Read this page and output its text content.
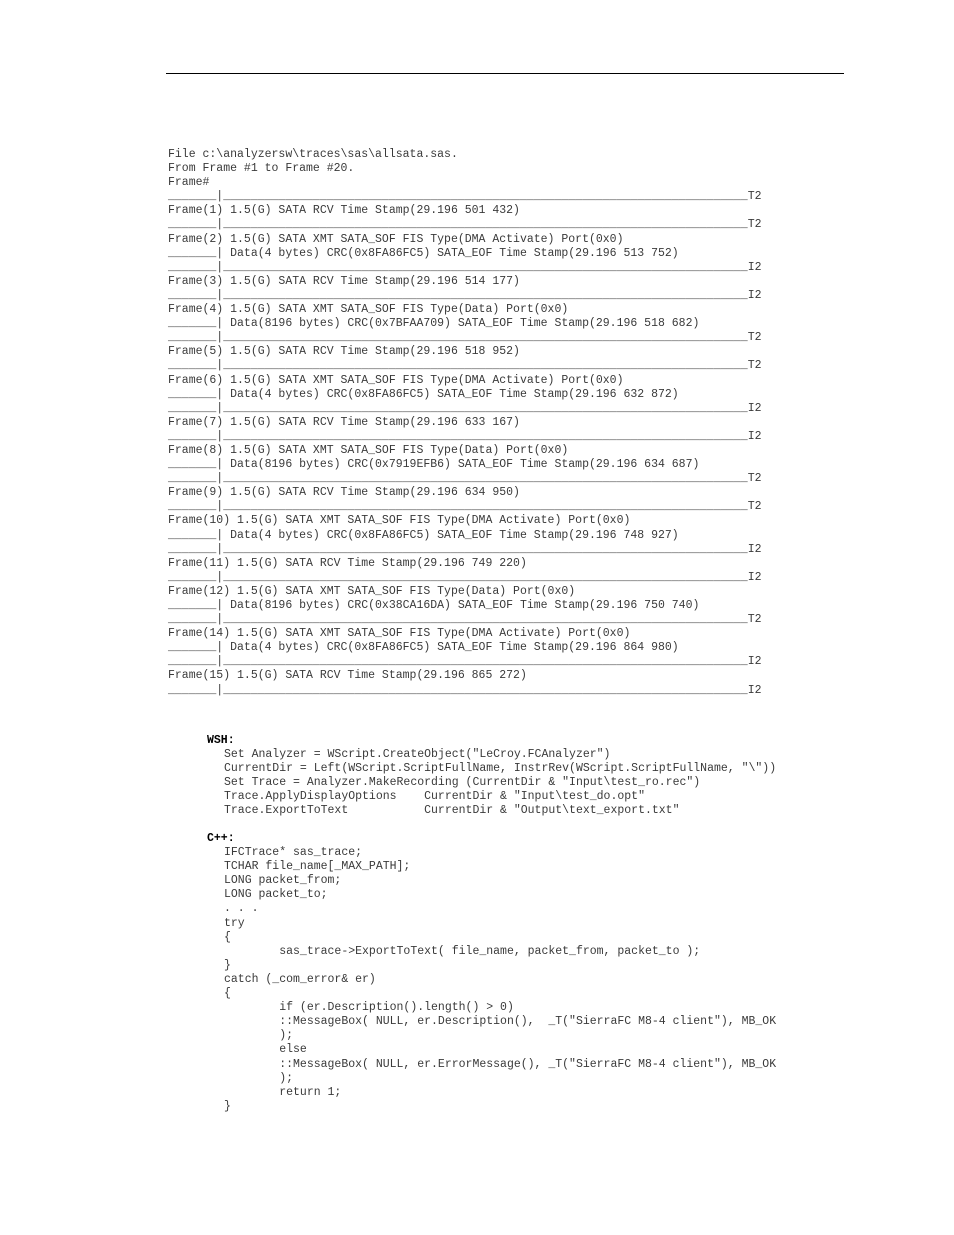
File c:\analyzersw\traces\sas\allsata.sas.
From Frame #1 to Frame #20.
Frame#
_______|____________________________________________________________________________T2
Frame(1) 1.5(G) SATA RCV Time Stamp(29.196 501 432)
_______|____________________________________________________________________________T2
Frame(2) 1.5(G) SATA XMT SATA_SOF FIS Type(DMA Activate) Port(0x0)
_______| Data(4 bytes) CRC(0x8FA86FC5) SATA_EOF Time Stamp(29.196 513 752)
_______|____________________________________________________________________________I2
Frame(3) 1.5(G) SATA RCV Time Stamp(29.196 514 177)
_______|____________________________________________________________________________I2
Frame(4) 1.5(G) SATA XMT SATA_SOF FIS Type(Data) Port(0x0)
_______| Data(8196 bytes) CRC(0x7BFAA709) SATA_EOF Time Stamp(29.196 518 682)
_______|____________________________________________________________________________T2
Frame(5) 1.5(G) SATA RCV Time Stamp(29.196 518 952)
_______|____________________________________________________________________________T2
Frame(6) 1.5(G) SATA XMT SATA_SOF FIS Type(DMA Activate) Port(0x0)
_______| Data(4 bytes) CRC(0x8FA86FC5) SATA_EOF Time Stamp(29.196 632 872)
_______|____________________________________________________________________________I2
Frame(7) 1.5(G) SATA RCV Time Stamp(29.196 633 167)
_______|____________________________________________________________________________I2
Frame(8) 1.5(G) SATA XMT SATA_SOF FIS Type(Data) Port(0x0)
_______| Data(8196 bytes) CRC(0x7919EFB6) SATA_EOF Time Stamp(29.196 634 687)
_______|____________________________________________________________________________T2
Frame(9) 1.5(G) SATA RCV Time Stamp(29.196 634 950)
_______|____________________________________________________________________________T2
Frame(10) 1.5(G) SATA XMT SATA_SOF FIS Type(DMA Activate) Port(0x0)
_______| Data(4 bytes) CRC(0x8FA86FC5) SATA_EOF Time Stamp(29.196 748 927)
_______|____________________________________________________________________________I2
Frame(11) 1.5(G) SATA RCV Time Stamp(29.196 749 220)
_______|____________________________________________________________________________I2
Frame(12) 1.5(G) SATA XMT SATA_SOF FIS Type(Data) Port(0x0)
_______| Data(8196 bytes) CRC(0x38CA16DA) SATA_EOF Time Stamp(29.196 750 740)
_______|____________________________________________________________________________T2
Frame(14) 1.5(G) SATA XMT SATA_SOF FIS Type(DMA Activate) Port(0x0)
_______| Data(4 bytes) CRC(0x8FA86FC5) SATA_EOF Time Stamp(29.196 864 980)
_______|____________________________________________________________________________I2
Frame(15) 1.5(G) SATA RCV Time Stamp(29.196 865 272)
_______|____________________________________________________________________________I2
WSH:
Set Analyzer = WScript.CreateObject("LeCroy.FCAnalyzer")
CurrentDir = Left(WScript.ScriptFullName, InstrRev(WScript.ScriptFullName, "\"))
Set Trace = Analyzer.MakeRecording (CurrentDir & "Input\test_ro.rec")
Trace.ApplyDisplayOptions    CurrentDir & "Input\test_do.opt"
Trace.ExportToText           CurrentDir & "Output\text_export.txt"
C++:
IFCTrace* sas_trace;
TCHAR file_name[_MAX_PATH];
LONG packet_from;
LONG packet_to;
. . .
try
{
sas_trace->ExportToText( file_name, packet_from, packet_to );
}
catch (_com_error& er)
{
if (er.Description().length() > 0)
::MessageBox( NULL, er.Description(),  _T("SierraFC M8-4 client"), MB_OK
);
else
::MessageBox( NULL, er.ErrorMessage(), _T("SierraFC M8-4 client"), MB_OK
);
return 1;
}
